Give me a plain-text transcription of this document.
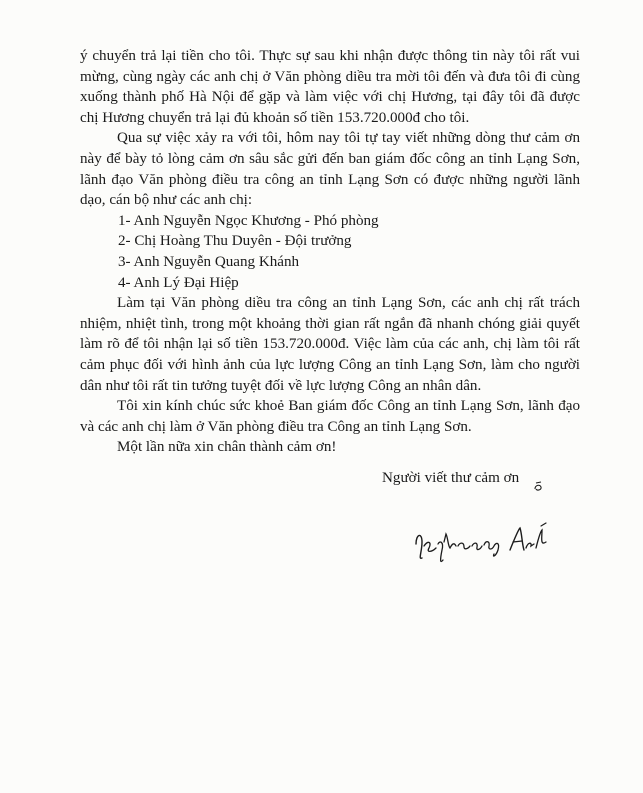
ý chuyển trả lại tiền cho tôi. Thực sự sau khi nhận được thông tin này tôi rất vui mừng, cùng ngày các anh chị ở Văn phòng diều tra mời tôi đến và đưa tôi đi cùng xuống thành phố Hà Nội để gặp và làm việc với chị Hương, tại đây tôi đã được chị Hương chuyển trả lại đủ khoản số tiền 153.720.000đ cho tôi.

Qua sự việc xảy ra với tôi, hôm nay tôi tự tay viết những dòng thư cảm ơn này để bày tỏ lòng cảm ơn sâu sắc gửi đến ban giám đốc công an tỉnh Lạng Sơn, lãnh đạo Văn phòng điều tra công an tỉnh Lạng Sơn có được những người lãnh dạo, cán bộ như các anh chị:

1- Anh Nguyễn Ngọc Khương - Phó phòng

2- Chị Hoàng Thu Duyên - Đội trưởng

3- Anh Nguyễn Quang Khánh

4- Anh Lý Đại Hiệp

Làm tại Văn phòng diều tra công an tỉnh Lạng Sơn, các anh chị rất trách nhiệm, nhiệt tình, trong một khoảng thời gian rất ngắn đã nhanh chóng giải quyết làm rõ để tôi nhận lại số tiền 153.720.000đ. Việc làm của các anh, chị làm tôi rất cảm phục đối với hình ảnh của lực lượng Công an tỉnh Lạng Sơn, làm cho người dân như tôi rất tin tưởng tuyệt đối về lực lượng Công an nhân dân.

Tôi xin kính chúc sức khoẻ Ban giám đốc Công an tỉnh Lạng Sơn, lãnh đạo và các anh chị làm ở Văn phòng điều tra Công an tỉnh Lạng Sơn.

Một lần nữa xin chân thành cảm ơn!

Người viết thư cảm ơn
